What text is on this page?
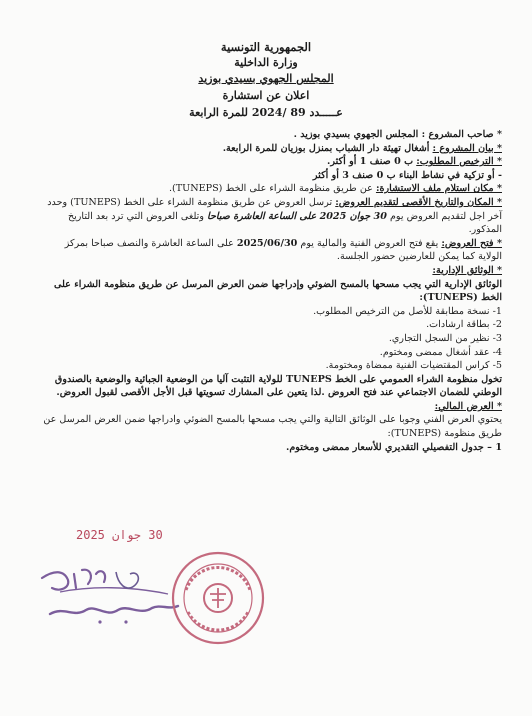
الجمهورية التونسية
وزارة الداخلية
المجلس الجهوي بسيدي بوزيد
اعلان عن استشارة
عـــــدد 89 /2024 للمرة الرابعة

* صاحب المشروع : المجلس الجهوي بسيدي بوزيد .

* بيان المشروع : أشغال تهيئة دار الشباب بمنزل بوزيان للمرة الرابعة.

* الترخيص المطلوب: ب 0 صنف 1 أو أكثر.

- أو تزكية في نشاط البناء ب 0 صنف 3 أو أكثر

* مكان استلام ملف الاستشارة: عن طريق منظومة الشراء على الخط (TUNEPS).

* المكان والتاريخ الأقصى لتقديم العروض: ترسل العروض عن طريق منظومة الشراء على الخط (TUNEPS) وحدد آخر اجل لتقديم العروض يوم 30 جوان 2025 على الساعة العاشرة صباحا وتلغى العروض التي ترد بعد التاريخ المذكور.

* فتح العروض: يقع فتح العروض الفنية والمالية يوم 2025/06/30 على الساعة العاشرة والنصف صباحا بمركز الولاية كما يمكن للعارضين حضور الجلسة.

* الوثائق الإدارية:

الوثائق الإدارية التي يجب مسحها بالمسح الضوئي وإدراجها ضمن العرض المرسل عن طريق منظومة الشراء على الخط (TUNEPS):

1- نسخة مطابقة للأصل من الترخيص المطلوب.
2- بطاقة ارشادات.
3- نظير من السجل التجاري.
4- عقد أشغال ممضى ومختوم.
5- كراس المقتضيات الفنية ممضاة ومختومة.

تخول منظومة الشراء العمومي على الخط TUNEPS للولاية التثبت آليا من الوضعية الجبائية والوضعية بالصندوق الوطني للضمان الاجتماعي عند فتح العروض .لذا يتعين على المشارك تسويتها قبل الأجل الأقصى لقبول العروض.

* العرض المالي:

يحتوي العرض الفني وجوبا على الوثائق التالية والتي يجب مسحها بالمسح الضوئي وادراجها ضمن العرض المرسل عن طريق منظومة (TUNEPS):

1 – جدول التفصيلي التقديري للأسعار ممضى ومختوم.
30 جوان 2025
